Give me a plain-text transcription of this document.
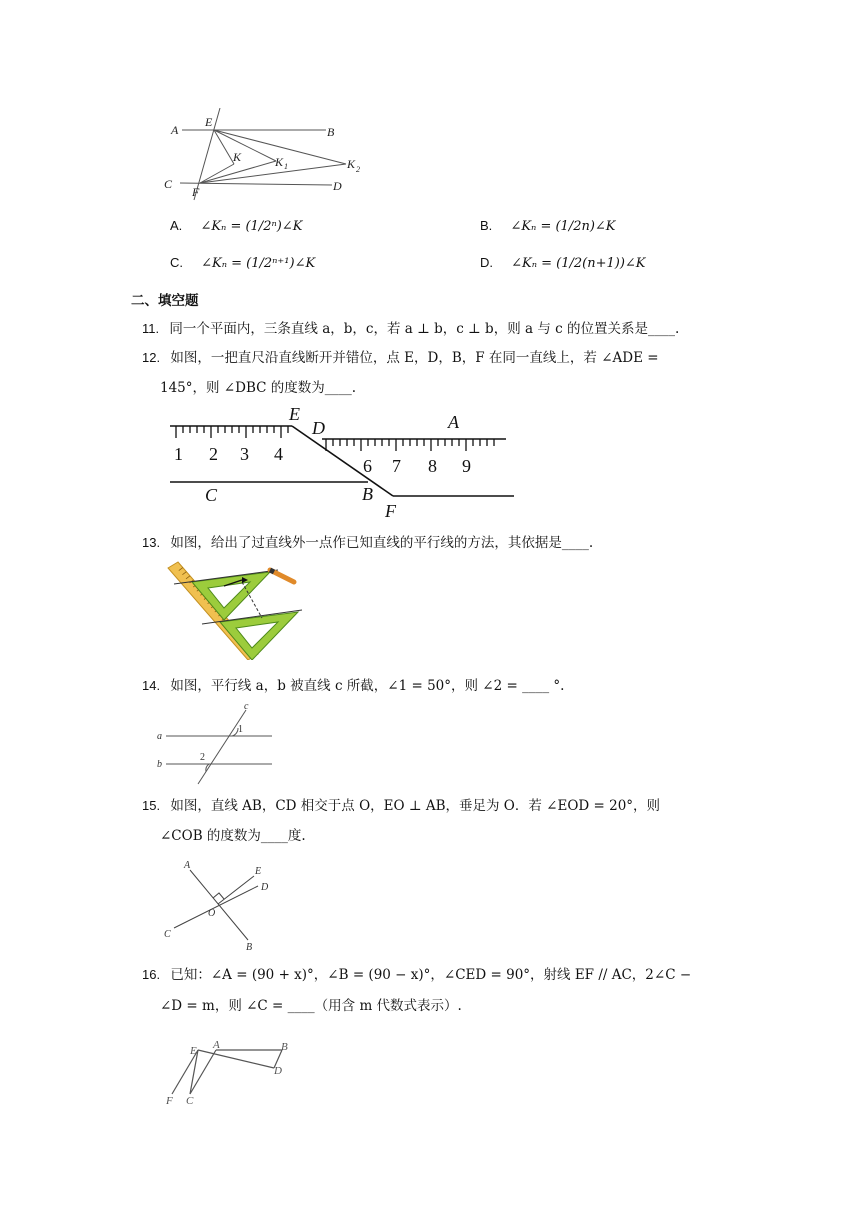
A
E
B
K	K 1	K 2
C
F	D
A. ∠Kₙ = (1/2ⁿ)∠K	B. ∠Kₙ = (1/2n)∠K
C. ∠Kₙ = (1/2ⁿ⁺¹)∠K	D. ∠Kₙ = (1/2(n+1))∠K
二、填空题
11. 同一个平面内，三条直线 a，b，c，若 a ⊥ b，c ⊥ b，则 a 与 c 的位置关系是____.
12. 如图，一把直尺沿直线断开并错位，点 E，D，B，F 在同一直线上，若 ∠ADE =
145°，则 ∠DBC 的度数为____.
1 2 3 4
6 7 8 9
E
D	A
C	B
F
13. 如图，给出了过直线外一点作已知直线的平行线的方法，其依据是____.
14. 如图，平行线 a，b 被直线 c 所截，∠1 = 50°，则 ∠2 = ____ °.
c
a
b
1
2
15. 如图，直线 AB，CD 相交于点 O，EO ⊥ AB，垂足为 O．若 ∠EOD = 20°，则
∠COB 的度数为____度.
A
E
D
O
C
B
16. 已知：∠A = (90 + x)°，∠B = (90 − x)°，∠CED = 90°，射线 EF // AC，2∠C −
∠D = m，则 ∠C = ____（用含 m 代数式表示）.
E A	B
D
F C
